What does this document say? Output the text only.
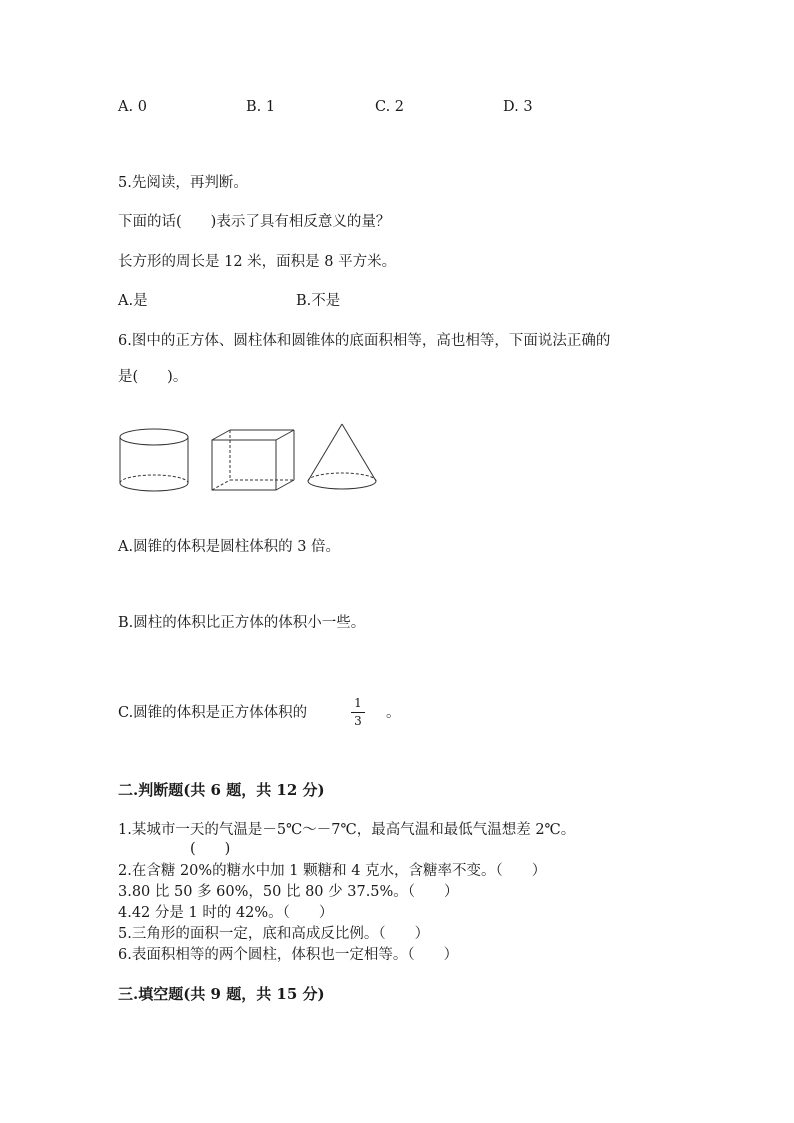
A. 0	B. 1	C. 2	D. 3
5.先阅读，再判断。
下面的话(　　)表示了具有相反意义的量？
长方形的周长是 12 米，面积是 8 平方米。
A.是	B.不是
6.图中的正方体、圆柱体和圆锥体的底面积相等，高也相等，下面说法正确的
是(　　)。
A.圆锥的体积是圆柱体积的 3 倍。
B.圆柱的体积比正方体的体积小一些。
C.圆锥的体积是正方体体积的
1
3 。
二.判断题(共 6 题，共 12 分)
1.某城市一天的气温是－5℃～－7℃，最高气温和最低气温想差 2℃。
(　　)
2.在含糖 20%的糖水中加 1 颗糖和 4 克水，含糖率不变。（　　）
3.80 比 50 多 60%，50 比 80 少 37.5%。（　　）
4.42 分是 1 时的 42%。（　　）
5.三角形的面积一定，底和高成反比例。（　　）
6.表面积相等的两个圆柱，体积也一定相等。（　　）
三.填空题(共 9 题，共 15 分)
